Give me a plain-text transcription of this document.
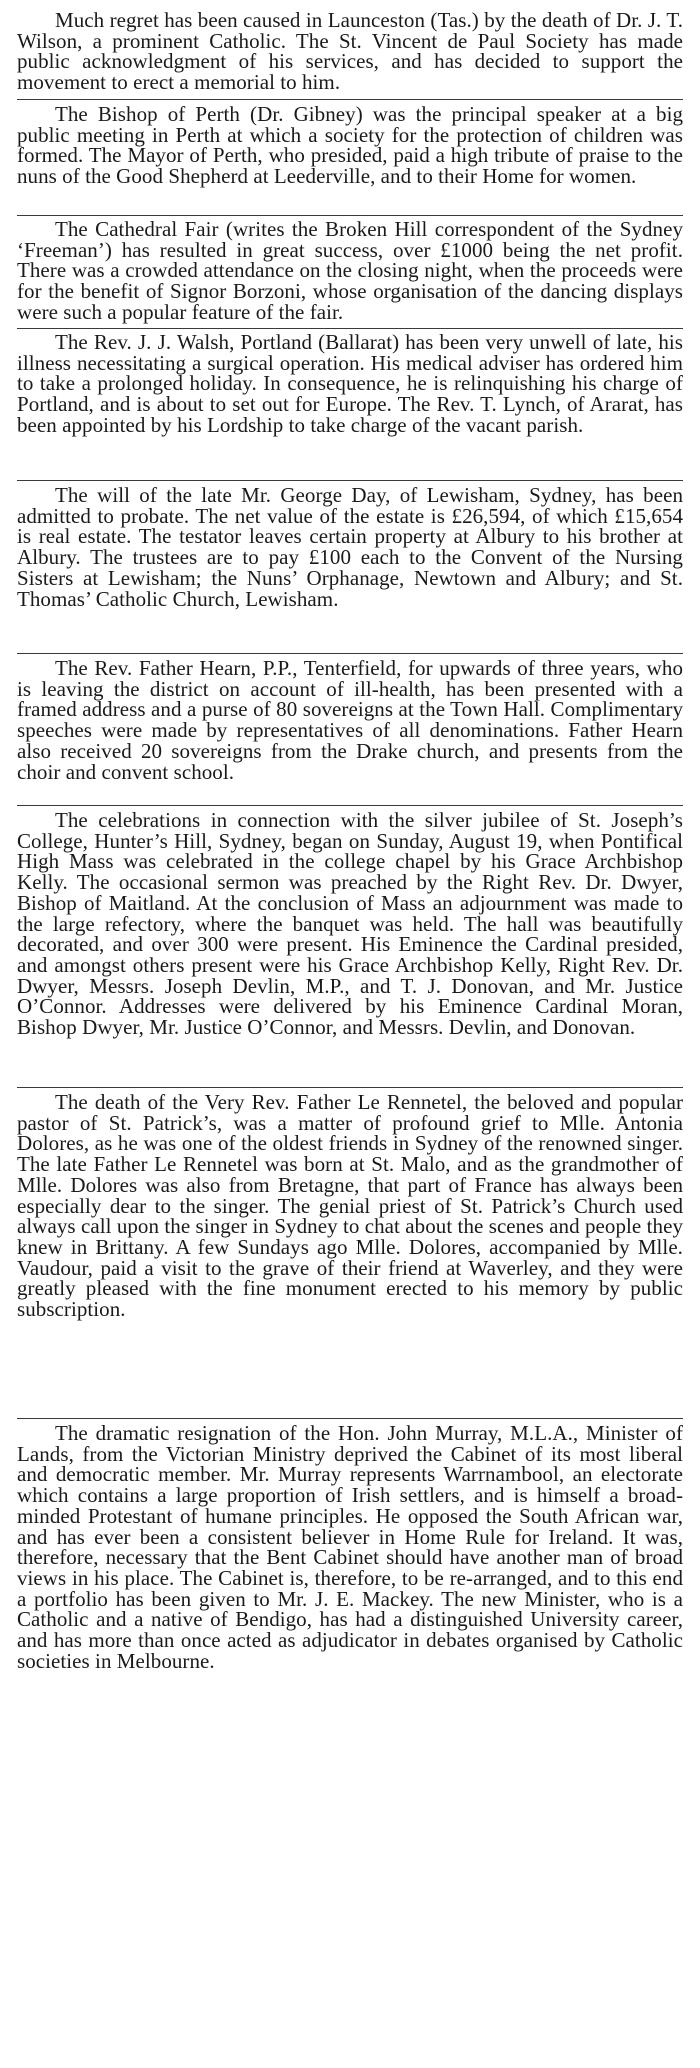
Much regret has been caused in Launceston (Tas.) by the death of Dr. J. T. Wilson, a prominent Catholic. The St. Vincent de Paul Society has made public acknowledgment of his services, and has decided to support the movement to erect a memorial to him.

The Bishop of Perth (Dr. Gibney) was the principal speaker at a big public meeting in Perth at which a society for the protection of children was formed. The Mayor of Perth, who presided, paid a high tribute of praise to the nuns of the Good Shepherd at Leederville, and to their Home for women.

The Cathedral Fair (writes the Broken Hill correspondent of the Sydney ‘Freeman’) has resulted in great success, over £1000 being the net profit. There was a crowded attendance on the closing night, when the proceeds were for the benefit of Signor Borzoni, whose organisation of the dancing displays were such a popular feature of the fair.

The Rev. J. J. Walsh, Portland (Ballarat) has been very unwell of late, his illness necessitating a surgical operation. His medical adviser has ordered him to take a prolonged holiday. In consequence, he is relinquishing his charge of Portland, and is about to set out for Europe. The Rev. T. Lynch, of Ararat, has been appointed by his Lordship to take charge of the vacant parish.

The will of the late Mr. George Day, of Lewisham, Sydney, has been admitted to probate. The net value of the estate is £26,594, of which £15,654 is real estate. The testator leaves certain property at Albury to his brother at Albury. The trustees are to pay £100 each to the Convent of the Nursing Sisters at Lewisham; the Nuns’ Orphanage, Newtown and Albury; and St. Thomas’ Catholic Church, Lewisham.

The Rev. Father Hearn, P.P., Tenterfield, for upwards of three years, who is leaving the district on account of ill-health, has been presented with a framed address and a purse of 80 sovereigns at the Town Hall. Complimentary speeches were made by representatives of all denominations. Father Hearn also received 20 sovereigns from the Drake church, and presents from the choir and convent school.

The celebrations in connection with the silver jubilee of St. Joseph’s College, Hunter’s Hill, Sydney, began on Sunday, August 19, when Pontifical High Mass was celebrated in the college chapel by his Grace Archbishop Kelly. The occasional sermon was preached by the Right Rev. Dr. Dwyer, Bishop of Maitland. At the conclusion of Mass an adjournment was made to the large refectory, where the banquet was held. The hall was beautifully decorated, and over 300 were present. His Eminence the Cardinal presided, and amongst others present were his Grace Archbishop Kelly, Right Rev. Dr. Dwyer, Messrs. Joseph Devlin, M.P., and T. J. Donovan, and Mr. Justice O’Connor. Addresses were delivered by his Eminence Cardinal Moran, Bishop Dwyer, Mr. Justice O’Connor, and Messrs. Devlin, and Donovan.

The death of the Very Rev. Father Le Rennetel, the beloved and popular pastor of St. Patrick’s, was a matter of profound grief to Mlle. Antonia Dolores, as he was one of the oldest friends in Sydney of the renowned singer. The late Father Le Rennetel was born at St. Malo, and as the grandmother of Mlle. Dolores was also from Bretagne, that part of France has always been especially dear to the singer. The genial priest of St. Patrick’s Church used always call upon the singer in Sydney to chat about the scenes and people they knew in Brittany. A few Sundays ago Mlle. Dolores, accompanied by Mlle. Vaudour, paid a visit to the grave of their friend at Waverley, and they were greatly pleased with the fine monument erected to his memory by public subscription.

The dramatic resignation of the Hon. John Murray, M.L.A., Minister of Lands, from the Victorian Ministry deprived the Cabinet of its most liberal and democratic member. Mr. Murray represents Warrnambool, an electorate which contains a large proportion of Irish settlers, and is himself a broad-minded Protestant of humane principles. He opposed the South African war, and has ever been a consistent believer in Home Rule for Ireland. It was, therefore, necessary that the Bent Cabinet should have another man of broad views in his place. The Cabinet is, therefore, to be re-arranged, and to this end a portfolio has been given to Mr. J. E. Mackey. The new Minister, who is a Catholic and a native of Bendigo, has had a distinguished University career, and has more than once acted as adjudicator in debates organised by Catholic societies in Melbourne.
